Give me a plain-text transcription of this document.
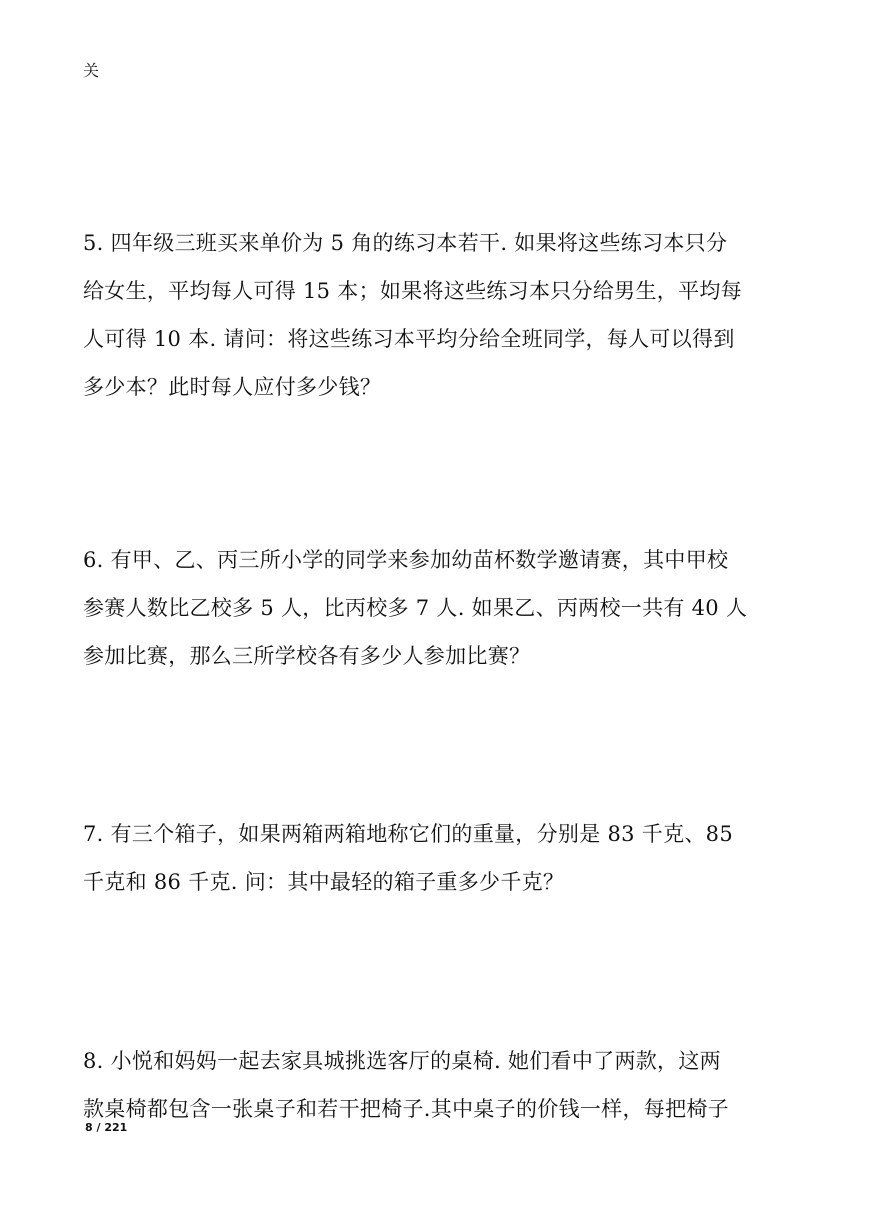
关
5. 四年级三班买来单价为 5 角的练习本若干. 如果将这些练习本只分
给女生，平均每人可得 15 本；如果将这些练习本只分给男生，平均每
人可得 10 本. 请问：将这些练习本平均分给全班同学，每人可以得到
多少本？此时每人应付多少钱？
6. 有甲、乙、丙三所小学的同学来参加幼苗杯数学邀请赛，其中甲校
参赛人数比乙校多 5 人，比丙校多 7 人. 如果乙、丙两校一共有 40 人
参加比赛，那么三所学校各有多少人参加比赛？
7. 有三个箱子，如果两箱两箱地称它们的重量，分别是 83 千克、85
千克和 86 千克. 问：其中最轻的箱子重多少千克？
8. 小悦和妈妈一起去家具城挑选客厅的桌椅. 她们看中了两款，这两
款桌椅都包含一张桌子和若干把椅子.其中桌子的价钱一样，每把椅子
8 / 221
